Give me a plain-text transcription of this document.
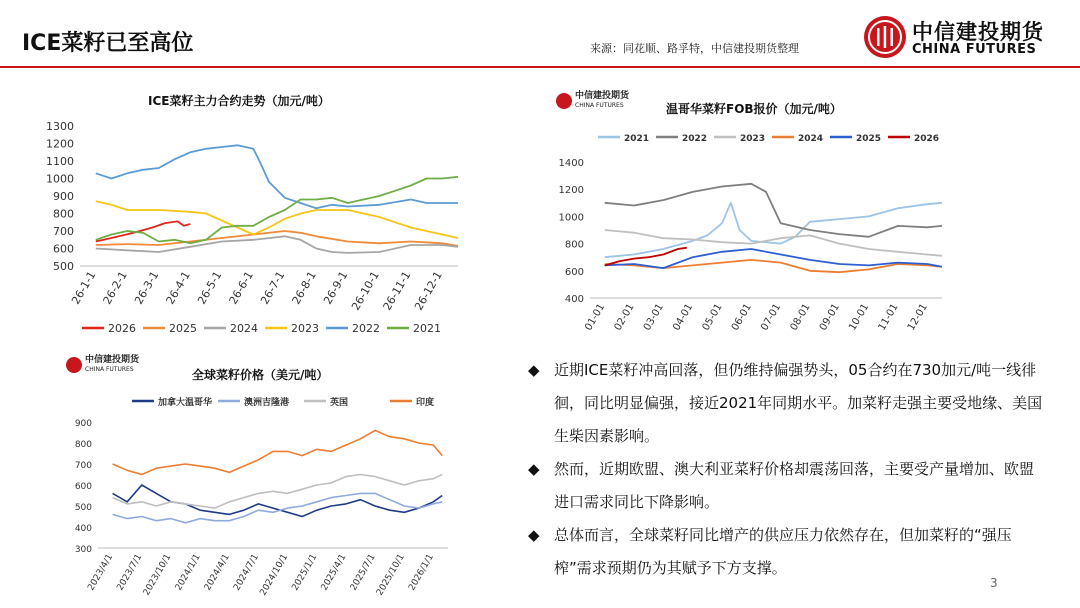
ICE菜籽已至高位	来源：同花顺、路孚特，中信建投期货整理
中信建投期货
CHINA FUTURES
ICE菜籽主力合约走势（加元/吨）
500
600
700
800
900
1000
1100
1200
1300
26-1-1 26-2-1 26-3-1 26-4-1 26-5-1 26-6-1 26-7-1 26-8-1 26-9-1
26-10-1
26-11-1
26-12-1
2026	2025	2024	2023	2022	2021
中信建投期货
CHINA FUTURES	温哥华菜籽FOB报价（加元/吨）
400
600
800
1000
1200
1400
01-01 02-01 03-01 04-01 05-01 06-01 07-01 08-01 09-01 10-01 11-01 12-01
2021	2022	2023	2024	2025	2026
中信建投期货
CHINA FUTURES	全球菜籽价格（美元/吨）
300
400
500
600
700
800
900
2023/4/1 2023/7/1
2023/10/1 2024/1/1 2024/4/1 2024/7/1
2024/10/1 2025/1/1 2025/4/1 2025/7/1
2025/10/1 2026/1/1
加拿大温哥华	澳洲吉隆港	英国	印度
◆ 近期ICE菜籽冲高回落，但仍维持偏强势头，05合约在730加元/吨一线徘徊，同比明显偏强，接近2021年同期水平。加菜籽走强主要受地缘、美国生柴因素影响。
◆ 然而，近期欧盟、澳大利亚菜籽价格却震荡回落，主要受产量增加、欧盟进口需求同比下降影响。
◆ 总体而言，全球菜籽同比增产的供应压力依然存在，但加菜籽的“强压榨”需求预期仍为其赋予下方支撑。
3
